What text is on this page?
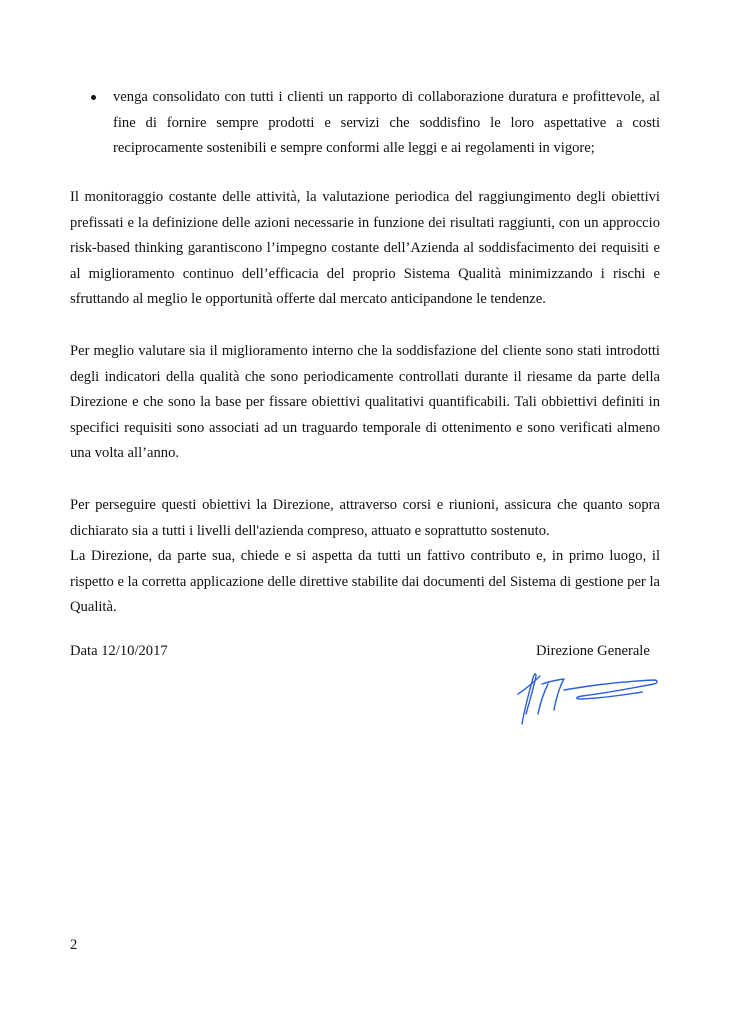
venga consolidato con tutti i clienti un rapporto di collaborazione duratura e profittevole, al fine di fornire sempre prodotti e servizi che soddisfino le loro aspettative a costi reciprocamente sostenibili e sempre conformi alle leggi e ai regolamenti in vigore;

Il monitoraggio costante delle attività, la valutazione periodica del raggiungimento degli obiettivi prefissati e la definizione delle azioni necessarie in funzione dei risultati raggiunti, con un approccio risk-based thinking garantiscono l’impegno costante dell’Azienda al soddisfacimento dei requisiti e al miglioramento continuo dell’efficacia del proprio Sistema Qualità minimizzando i rischi e sfruttando al meglio le opportunità offerte dal mercato anticipandone le tendenze.

Per meglio valutare sia il miglioramento interno che la soddisfazione del cliente sono stati introdotti degli indicatori della qualità che sono periodicamente controllati durante il riesame da parte della Direzione e che sono la base per fissare obiettivi qualitativi quantificabili. Tali obbiettivi definiti in specifici requisiti sono associati ad un traguardo temporale di ottenimento e sono verificati almeno una volta all’anno.

Per perseguire questi obiettivi la Direzione, attraverso corsi e riunioni, assicura che quanto sopra dichiarato sia a tutti i livelli dell'azienda compreso, attuato e soprattutto sostenuto.

La Direzione, da parte sua, chiede e si aspetta da tutti un fattivo contributo e, in primo luogo, il rispetto e la corretta applicazione delle direttive stabilite dai documenti del Sistema di gestione per la Qualità.

Data 12/10/2017	Direzione Generale
2
